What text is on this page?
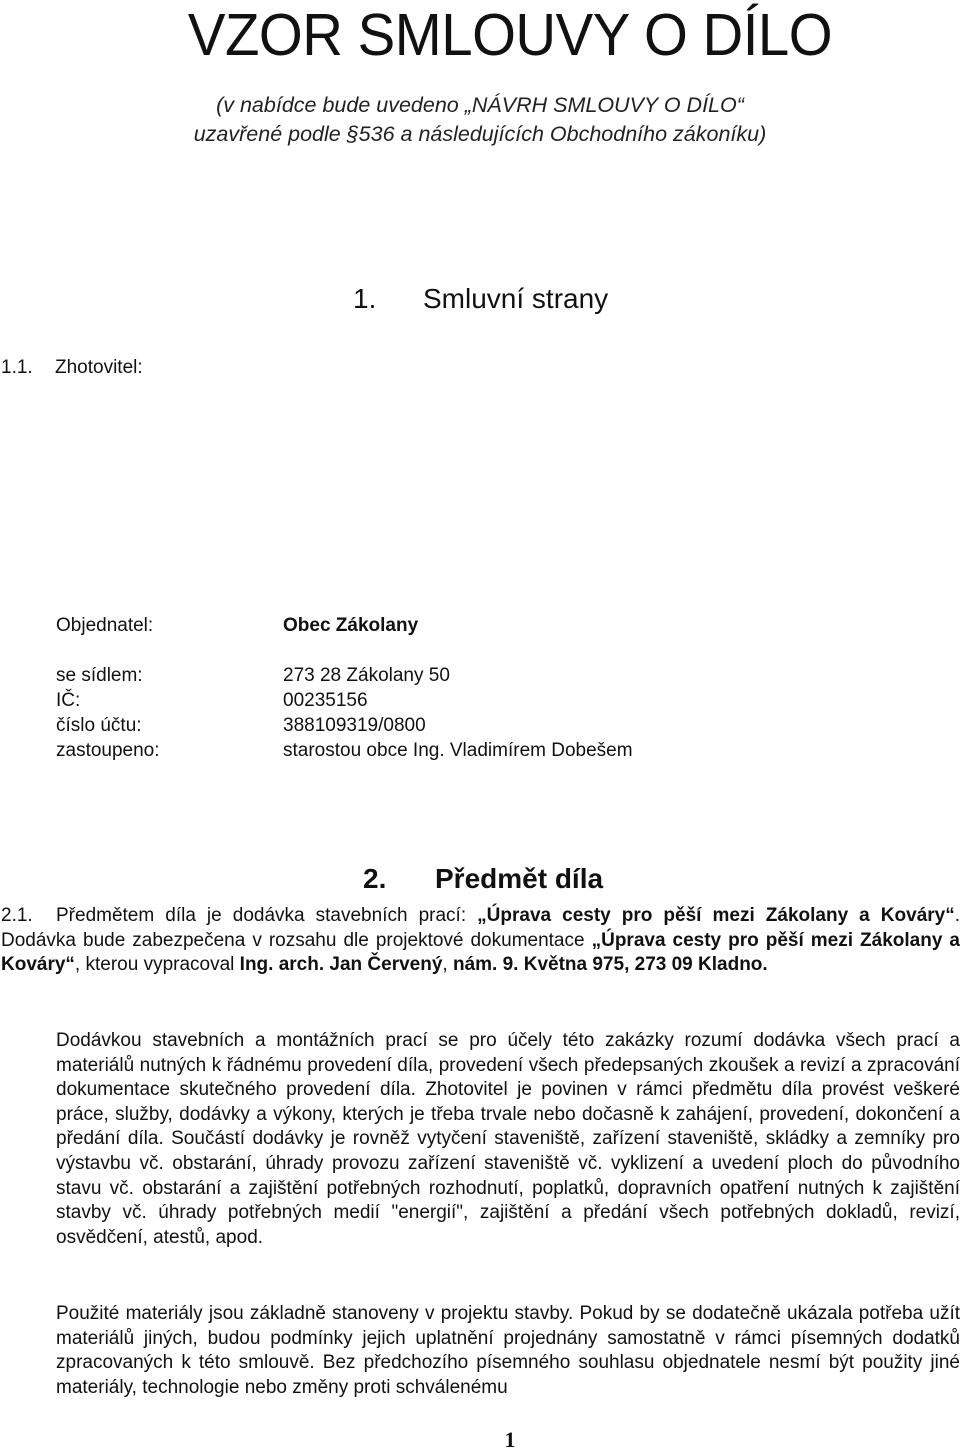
VZOR SMLOUVY O DÍLO
(v nabídce bude uvedeno „NÁVRH SMLOUVY O DÍLO“
uzavřené podle §536 a následujících Obchodního zákoníku)
1. Smluvní strany
1.1. Zhotovitel:
Objednatel:	Obec Zákolany
se sídlem:	273 28 Zákolany 50
IČ:	00235156
číslo účtu:	388109319/0800
zastoupeno:	starostou obce Ing. Vladimírem Dobešem
2. Předmět díla
2.1. Předmětem díla je dodávka stavebních prací: „Úprava cesty pro pěší mezi Zákolany a Kováry“. Dodávka bude zabezpečena v rozsahu dle projektové dokumentace „Úprava cesty pro pěší mezi Zákolany a Kováry“, kterou vypracoval Ing. arch. Jan Červený, nám. 9. Května 975, 273 09 Kladno.
Dodávkou stavebních a montážních prací se pro účely této zakázky rozumí dodávka všech prací a materiálů nutných k řádnému provedení díla, provedení všech předepsaných zkoušek a revizí a zpracování dokumentace skutečného provedení díla. Zhotovitel je povinen v rámci předmětu díla provést veškeré práce, služby, dodávky a výkony, kterých je třeba trvale nebo dočasně k zahájení, provedení, dokončení a předání díla. Součástí dodávky je rovněž vytyčení staveniště, zařízení staveniště, skládky a zemníky pro výstavbu vč. obstarání, úhrady provozu zařízení staveniště vč. vyklizení a uvedení ploch do původního stavu vč. obstarání a zajištění potřebných rozhodnutí, poplatků, dopravních opatření nutných k zajištění stavby vč. úhrady potřebných medií "energií", zajištění a předání všech potřebných dokladů, revizí, osvědčení, atestů, apod.
Použité materiály jsou základně stanoveny v projektu stavby. Pokud by se dodatečně ukázala potřeba užít materiálů jiných, budou podmínky jejich uplatnění projednány samostatně v rámci písemných dodatků zpracovaných k této smlouvě. Bez předchozího písemného souhlasu objednatele nesmí být použity jiné materiály, technologie nebo změny proti schválenému
1
